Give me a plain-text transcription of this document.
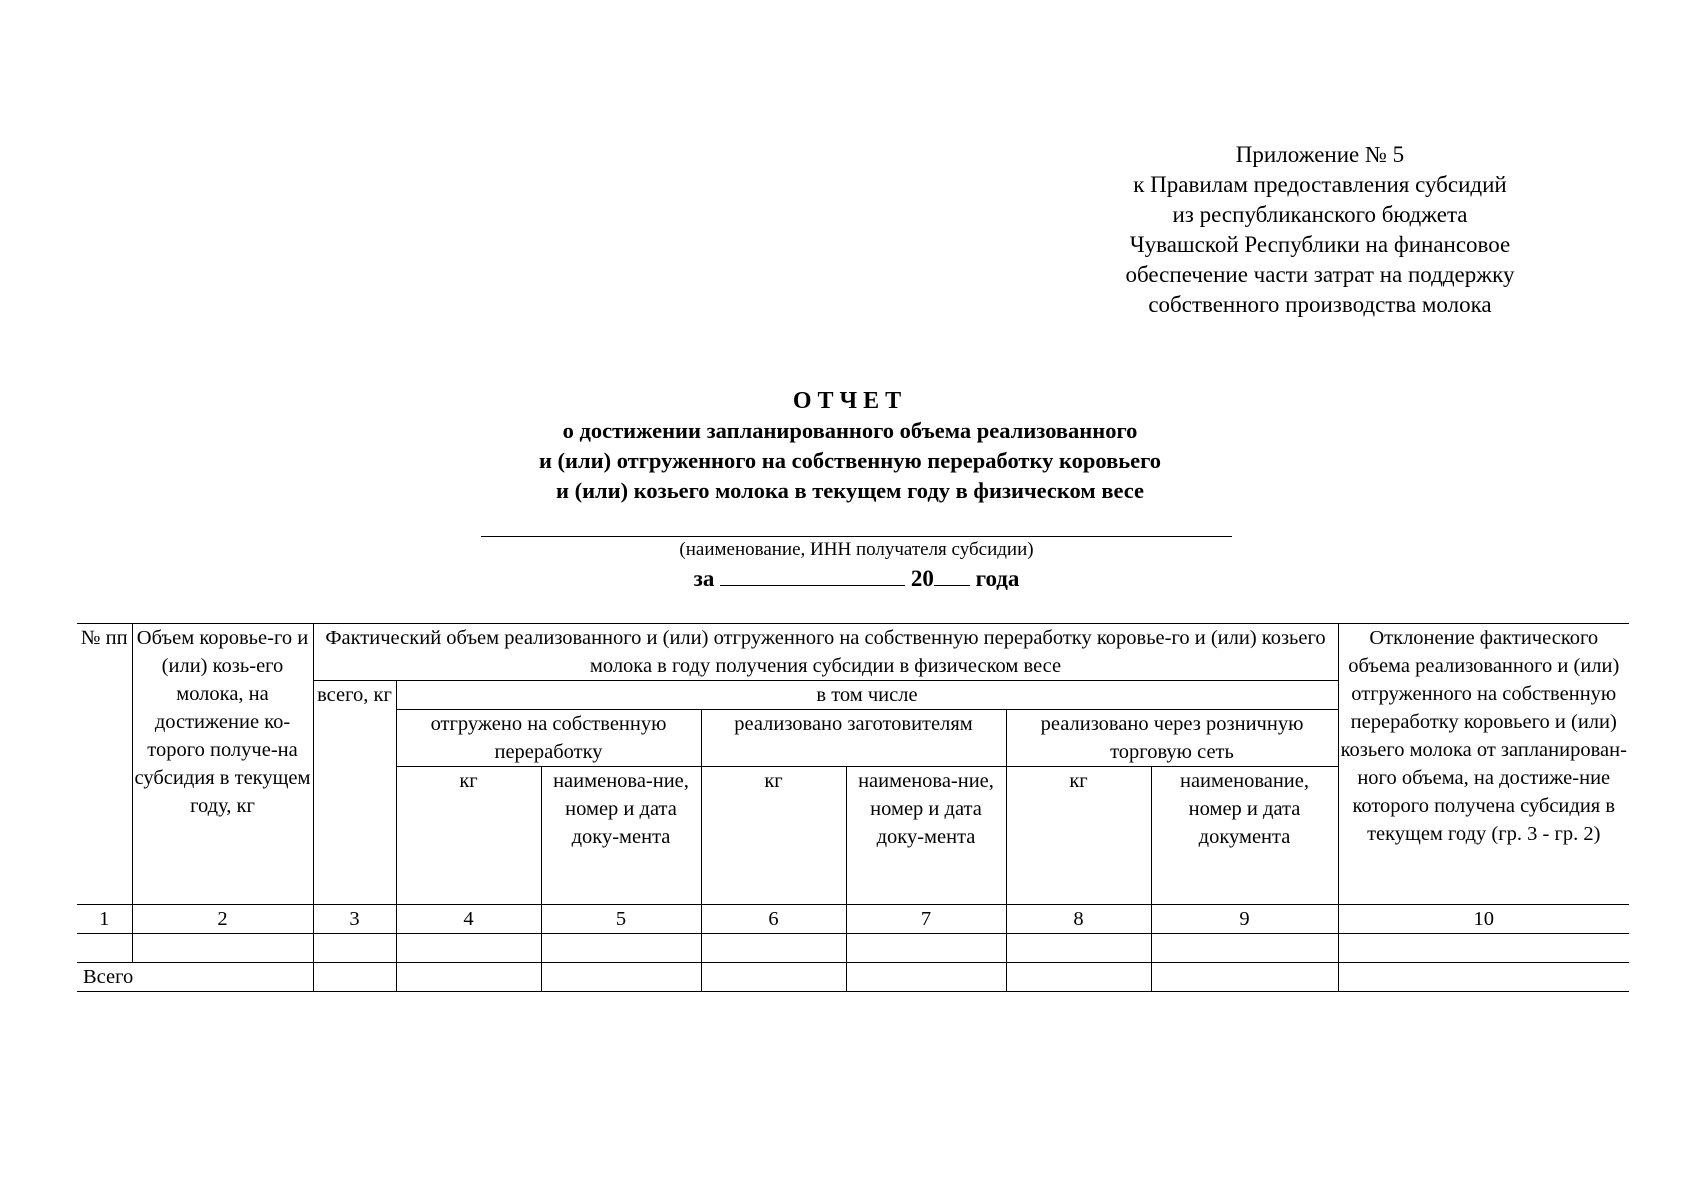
Приложение № 5
к Правилам предоставления субсидий
из республиканского бюджета
Чувашской Республики на финансовое
обеспечение части затрат на поддержку
собственного производства молока
ОТЧЕТ
о достижении запланированного объема реализованного
и (или) отгруженного на собственную переработку коровьего
и (или) козьего молока в текущем году в физическом весе
(наименование, ИНН получателя субсидии)
за	20 года
№ пп	Объем коровье-го и (или) козь-его молока, на достижение ко-торого получе-на субсидия в текущем году, кг	Фактический объем реализованного и (или) отгруженного на собственную переработку коровье-го и (или) козьего молока в году получения субсидии в физическом весе							Отклонение фактического объема реализованного и (или) отгруженного на собственную переработку коровьего и (или) козьего молока от запланирован-ного объема, на достиже-ние которого получена субсидия в текущем году (гр. 3 - гр. 2)
		всего, кг	в том числе						
			отгружено на собственную переработку		реализовано заготовителям		реализовано через розничную торговую сеть		
			кг	наименова-ние, номер и дата доку-мента	кг	наименова-ние, номер и дата доку-мента	кг	наименование, номер и дата документа	
1	2	3	4	5	6	7	8	9	10

Всего									
